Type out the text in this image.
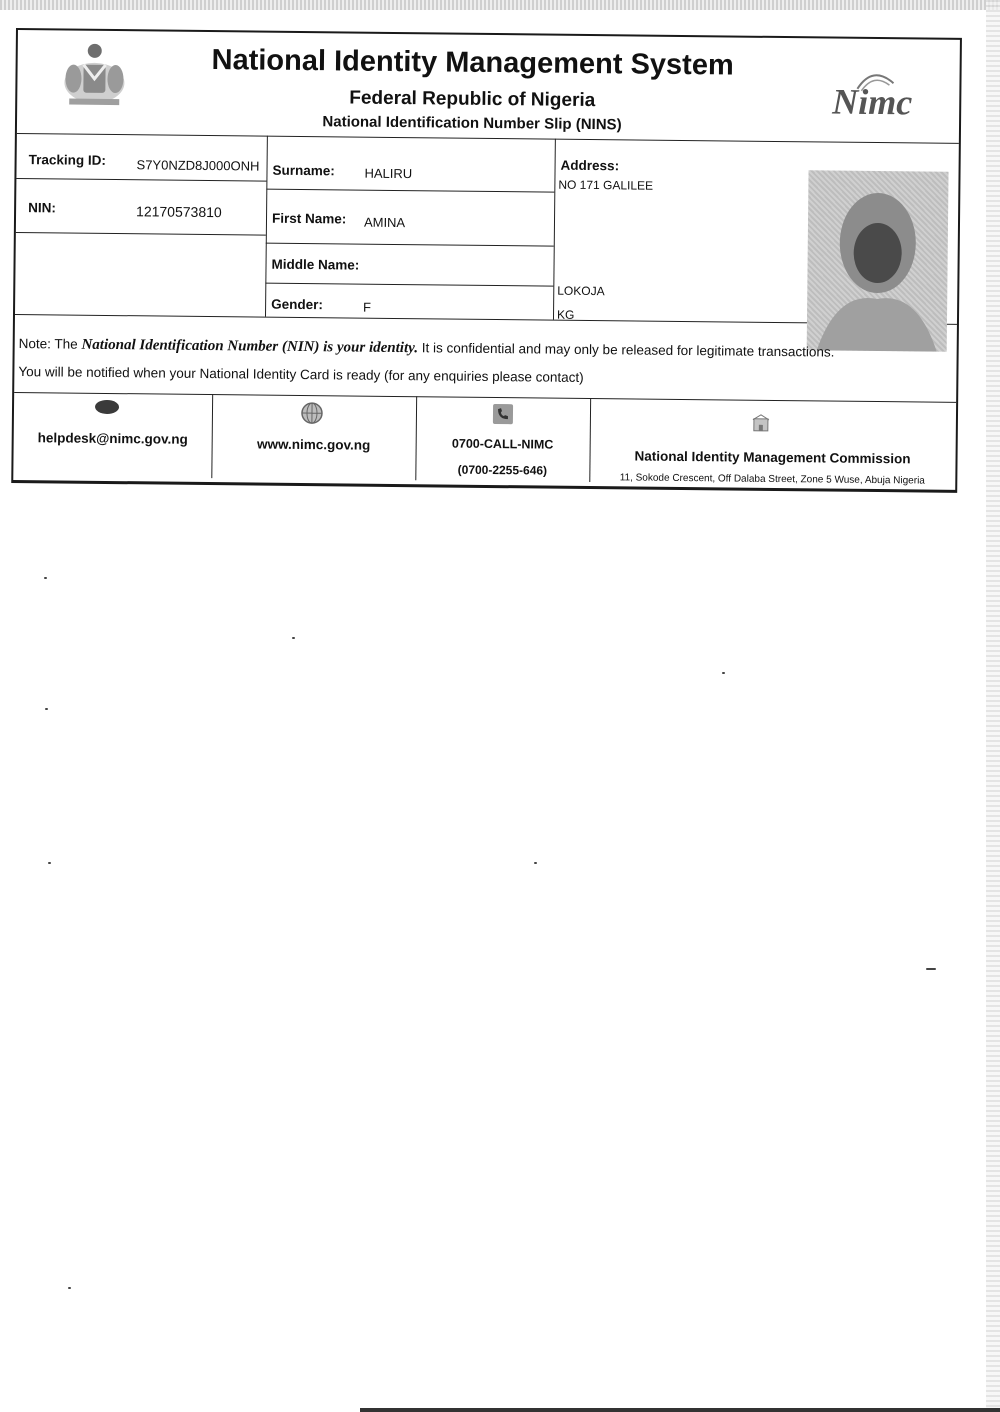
National Identity Management System
Federal Republic of Nigeria
National Identification Number Slip (NINS)
Nimc
Tracking ID: S7Y0NZD8J000ONH
NIN:	12170573810
Surname: HALIRU
First Name: AMINA
Middle Name:
Gender:	F
Address:
NO 171 GALILEE
LOKOJA
KG
Note: The National Identification Number (NIN) is your identity. It is confidential and may only be released for legitimate transactions.
You will be notified when your National Identity Card is ready (for any enquiries please contact)
helpdesk@nimc.gov.ng	www.nimc.gov.ng	0700-CALL-NIMC
(0700-2255-646)
National Identity Management Commission
11, Sokode Crescent, Off Dalaba Street, Zone 5 Wuse, Abuja Nigeria
